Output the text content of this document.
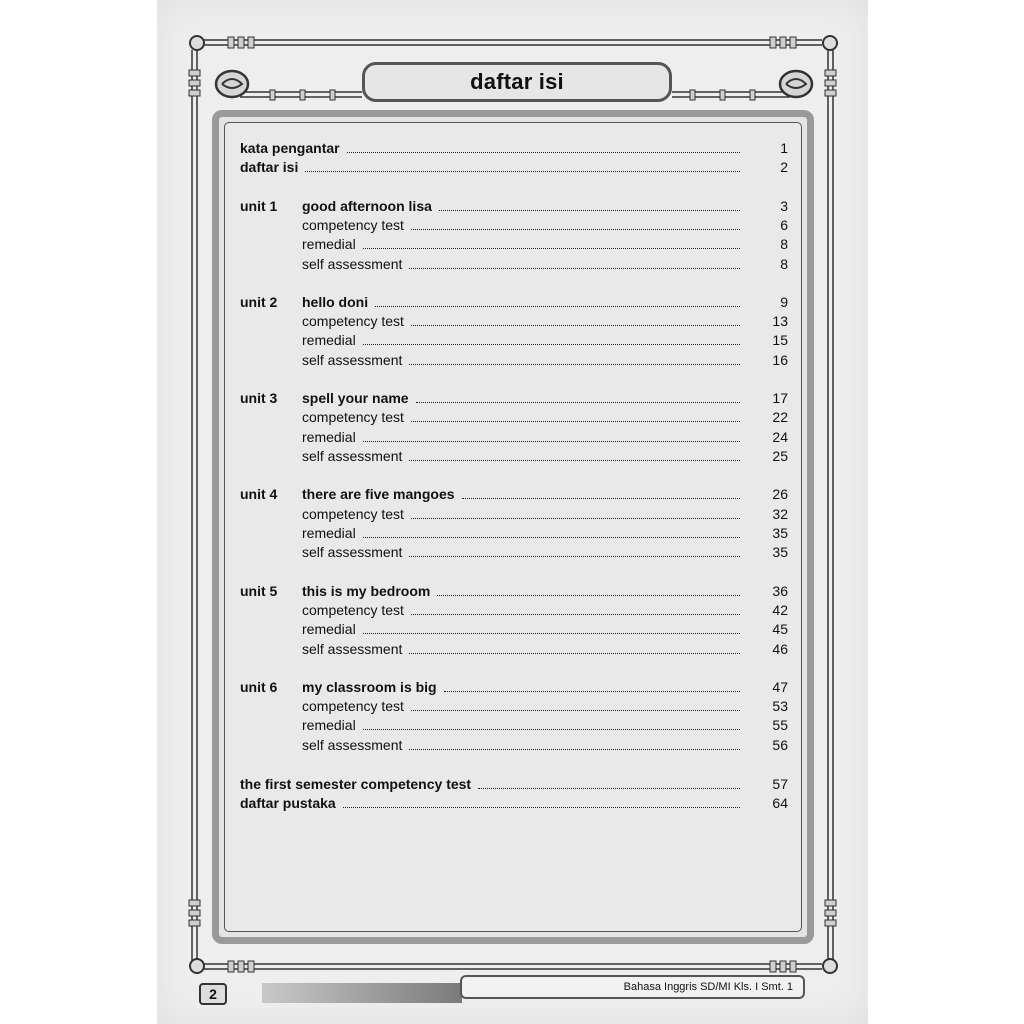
daftar isi
kata pengantar	1
daftar isi	2
unit 1	good afternoon lisa	3
competency test	6
remedial	8
self assessment	8
unit 2	hello doni	9
competency test	13
remedial	15
self assessment	16
unit 3	spell your name	17
competency test	22
remedial	24
self assessment	25
unit 4	there are five mangoes	26
competency test	32
remedial	35
self assessment	35
unit 5	this is my bedroom	36
competency test	42
remedial	45
self assessment	46
unit 6	my classroom is big	47
competency test	53
remedial	55
self assessment	56
the first semester competency test	57
daftar pustaka	64
2	Bahasa Inggris SD/MI Kls. I Smt. 1
